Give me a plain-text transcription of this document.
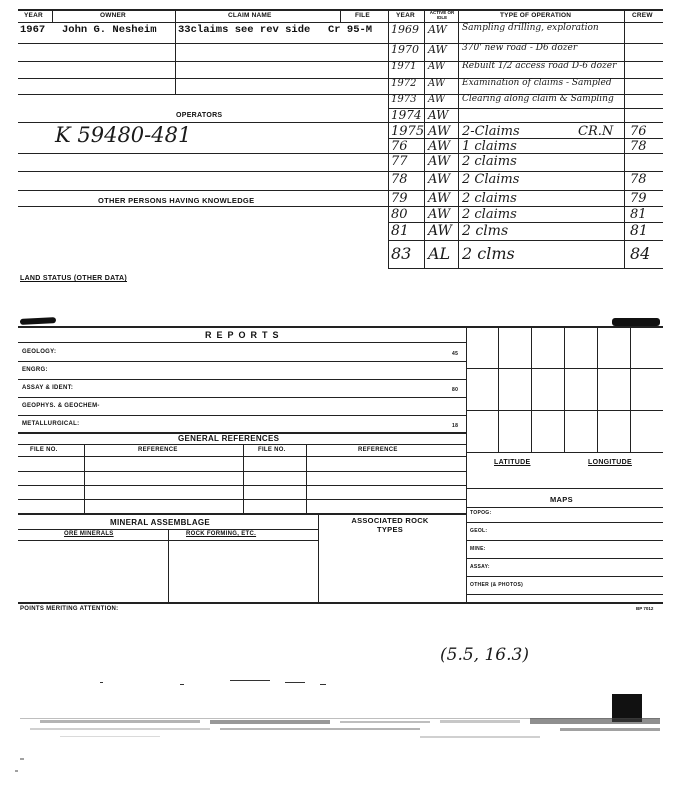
YEAR	OWNER	CLAIM NAME	FILE	YEAR	ACTIVE OR IDLE	TYPE OF OPERATION	CREW
1967 John G. Nesheim 33claims see rev side Cr 95-M
OPERATORS
K 59480-481
OTHER PERSONS HAVING KNOWLEDGE
1969 AW Sampling drilling, exploration
1970 AW 370' new road - D6 dozer
1971 AW Rebuilt 1/2 access road D-6 dozer
1972 AW Examination of claims - Sampled
1973 AW Clearing along claim & Sampling
1974 AW
1975 AW 2-Claims	CR.N 76
76 AW 1 claims	78
77 AW 2 claims
78 AW 2 Claims	78
79 AW 2 claims	79
80 AW 2 claims	81
81 AW 2 clms	81
83 AL 2 clms	84
LAND STATUS (OTHER DATA)
REPORTS
GEOLOGY:	45
ENGRG:
ASSAY & IDENT:	80
GEOPHYS. & GEOCHEM-
METALLURGICAL:	18
LATITUDE	LONGITUDE
MAPS
TOPOG:
GEOL:
MINE:
ASSAY:
OTHER (& PHOTOS)
GENERAL REFERENCES
FILE NO.	REFERENCE	FILE NO.	REFERENCE
MINERAL ASSEMBLAGE	ASSOCIATED ROCK TYPES
ORE MINERALS	ROCK FORMING, ETC.
POINTS MERITING ATTENTION:	BP 7012
(5.5, 16.3)
